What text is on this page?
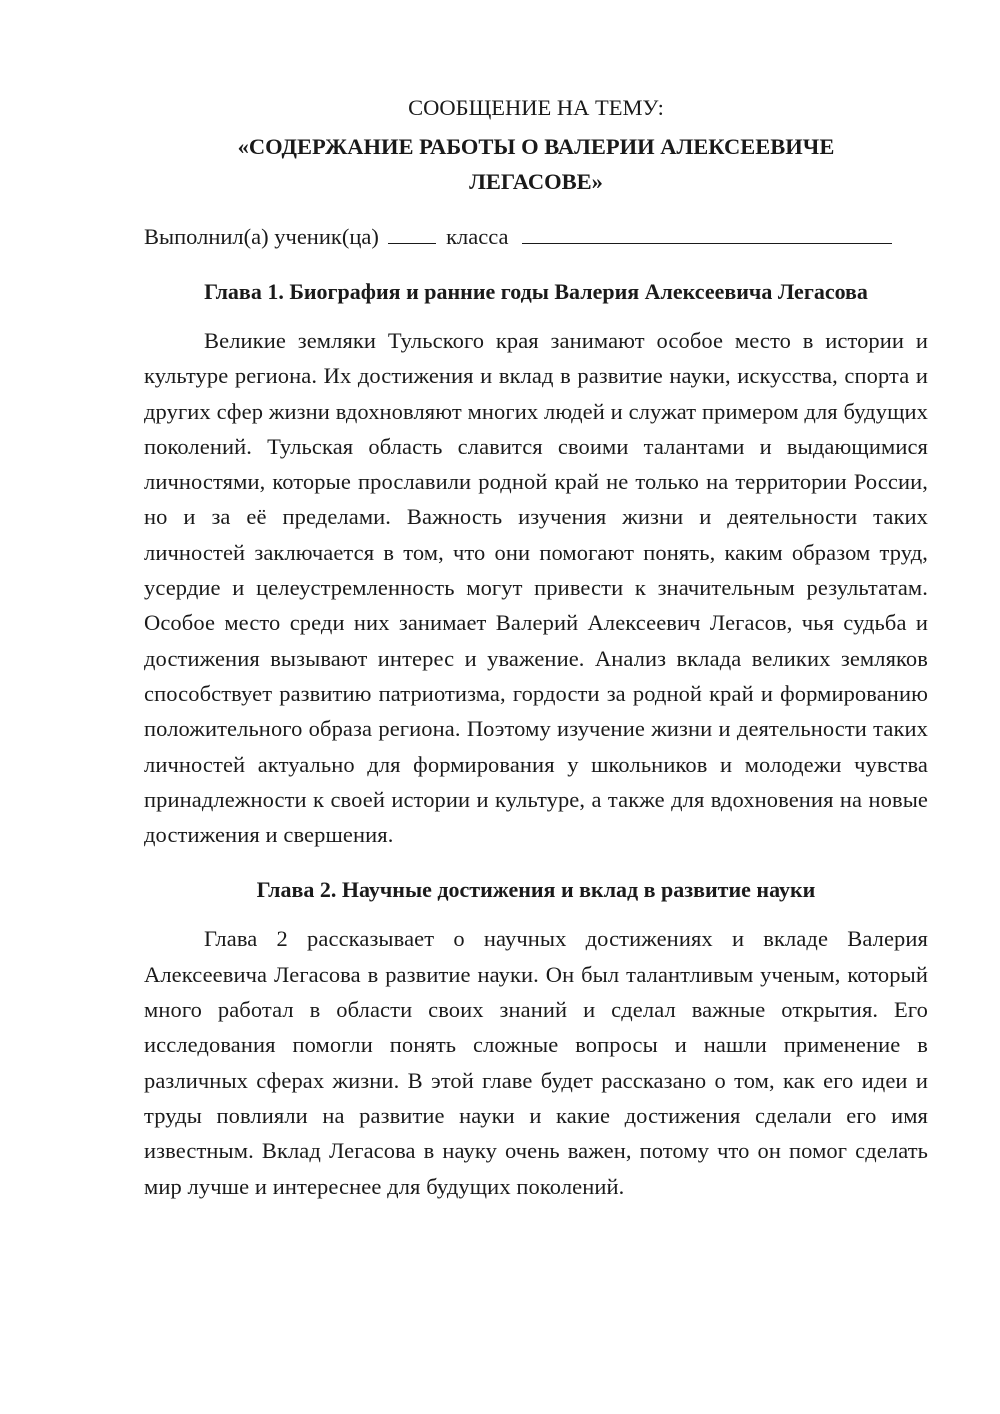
СООБЩЕНИЕ НА ТЕМУ:

«СОДЕРЖАНИЕ РАБОТЫ О ВАЛЕРИИ АЛЕКСЕЕВИЧЕ ЛЕГАСОВЕ»

Выполнил(а) ученик(ца)	класса
Глава 1. Биография и ранние годы Валерия Алексеевича Легасова

Великие земляки Тульского края занимают особое место в истории и культуре региона. Их достижения и вклад в развитие науки, искусства, спорта и других сфер жизни вдохновляют многих людей и служат примером для будущих поколений. Тульская область славится своими талантами и выдающимися личностями, которые прославили родной край не только на территории России, но и за её пределами. Важность изучения жизни и деятельности таких личностей заключается в том, что они помогают понять, каким образом труд, усердие и целеустремленность могут привести к значительным результатам. Особое место среди них занимает Валерий Алексеевич Легасов, чья судьба и достижения вызывают интерес и уважение. Анализ вклада великих земляков способствует развитию патриотизма, гордости за родной край и формированию положительного образа региона. Поэтому изучение жизни и деятельности таких личностей актуально для формирования у школьников и молодежи чувства принадлежности к своей истории и культуре, а также для вдохновения на новые достижения и свершения.

Глава 2. Научные достижения и вклад в развитие науки

Глава 2 рассказывает о научных достижениях и вкладе Валерия Алексеевича Легасова в развитие науки. Он был талантливым ученым, который много работал в области своих знаний и сделал важные открытия. Его исследования помогли понять сложные вопросы и нашли применение в различных сферах жизни. В этой главе будет рассказано о том, как его идеи и труды повлияли на развитие науки и какие достижения сделали его имя известным. Вклад Легасова в науку очень важен, потому что он помог сделать мир лучше и интереснее для будущих поколений.
